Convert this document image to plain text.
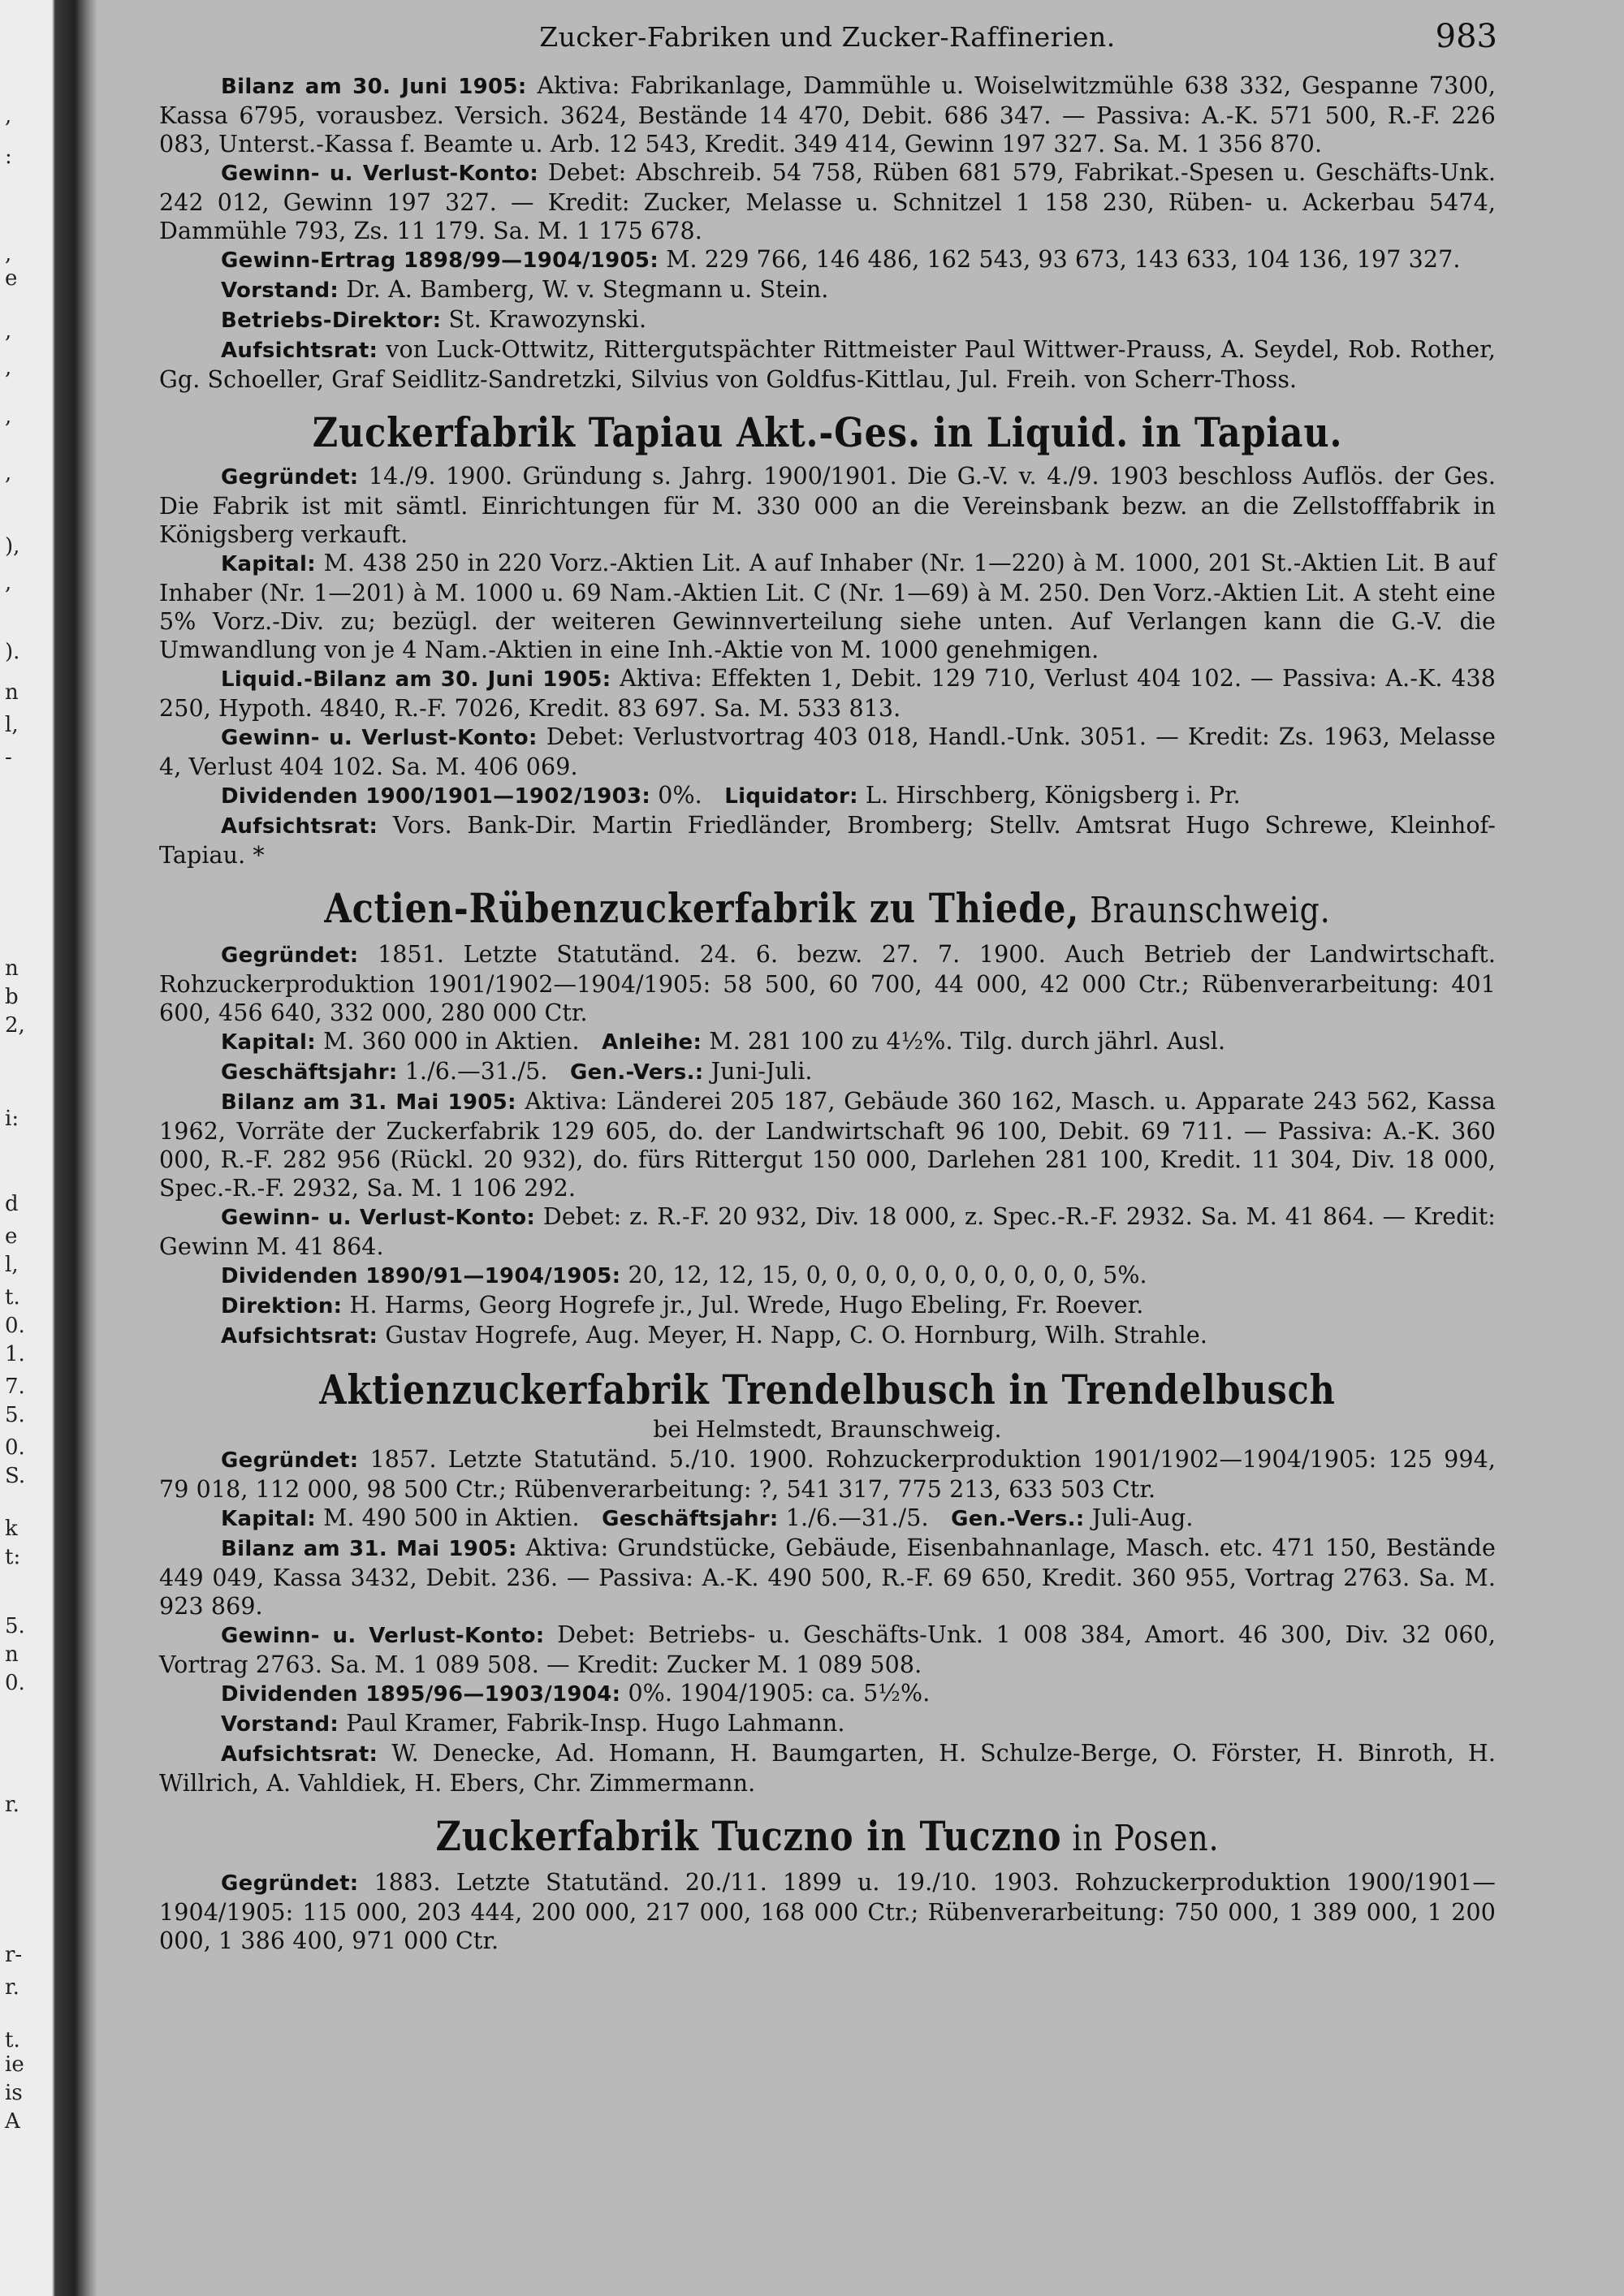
,
:
,
e
,
,
,
,
),
,
).
n
l,
-
n
b
2,
i:
d
e
l,
t.
0.
1.
7.
5.
0.
S.
k
t:
5.
n
0.
r.
r-
r.
t.
ie
is
A
Zucker-Fabriken und Zucker-Raffinerien.	983

Bilanz am 30. Juni 1905: Aktiva: Fabrikanlage, Dammühle u. Woiselwitzmühle 638 332, Gespanne 7300, Kassa 6795, vorausbez. Versich. 3624, Bestände 14 470, Debit. 686 347. — Passiva: A.-K. 571 500, R.-F. 226 083, Unterst.-Kassa f. Beamte u. Arb. 12 543, Kredit. 349 414, Gewinn 197 327. Sa. M. 1 356 870.

Gewinn- u. Verlust-Konto: Debet: Abschreib. 54 758, Rüben 681 579, Fabrikat.-Spesen u. Geschäfts-Unk. 242 012, Gewinn 197 327. — Kredit: Zucker, Melasse u. Schnitzel 1 158 230, Rüben- u. Ackerbau 5474, Dammühle 793, Zs. 11 179. Sa. M. 1 175 678.

Gewinn-Ertrag 1898/99—1904/1905: M. 229 766, 146 486, 162 543, 93 673, 143 633, 104 136, 197 327.

Vorstand: Dr. A. Bamberg, W. v. Stegmann u. Stein.

Betriebs-Direktor: St. Krawozynski.

Aufsichtsrat: von Luck-Ottwitz, Rittergutspächter Rittmeister Paul Wittwer-Prauss, A. Seydel, Rob. Rother, Gg. Schoeller, Graf Seidlitz-Sandretzki, Silvius von Goldfus-Kittlau, Jul. Freih. von Scherr-Thoss.

Zuckerfabrik Tapiau Akt.-Ges. in Liquid. in Tapiau.

Gegründet: 14./9. 1900. Gründung s. Jahrg. 1900/1901. Die G.-V. v. 4./9. 1903 beschloss Auflös. der Ges. Die Fabrik ist mit sämtl. Einrichtungen für M. 330 000 an die Vereinsbank bezw. an die Zellstofffabrik in Königsberg verkauft.

Kapital: M. 438 250 in 220 Vorz.-Aktien Lit. A auf Inhaber (Nr. 1—220) à M. 1000, 201 St.-Aktien Lit. B auf Inhaber (Nr. 1—201) à M. 1000 u. 69 Nam.-Aktien Lit. C (Nr. 1—69) à M. 250. Den Vorz.-Aktien Lit. A steht eine 5% Vorz.-Div. zu; bezügl. der weiteren Gewinnverteilung siehe unten. Auf Verlangen kann die G.-V. die Umwandlung von je 4 Nam.-Aktien in eine Inh.-Aktie von M. 1000 genehmigen.

Liquid.-Bilanz am 30. Juni 1905: Aktiva: Effekten 1, Debit. 129 710, Verlust 404 102. — Passiva: A.-K. 438 250, Hypoth. 4840, R.-F. 7026, Kredit. 83 697. Sa. M. 533 813.

Gewinn- u. Verlust-Konto: Debet: Verlustvortrag 403 018, Handl.-Unk. 3051. — Kredit: Zs. 1963, Melasse 4, Verlust 404 102. Sa. M. 406 069.

Dividenden 1900/1901—1902/1903: 0%. Liquidator: L. Hirschberg, Königsberg i. Pr.

Aufsichtsrat: Vors. Bank-Dir. Martin Friedländer, Bromberg; Stellv. Amtsrat Hugo Schrewe, Kleinhof-Tapiau. *

Actien-Rübenzuckerfabrik zu Thiede, Braunschweig.

Gegründet: 1851. Letzte Statutänd. 24. 6. bezw. 27. 7. 1900. Auch Betrieb der Landwirtschaft. Rohzuckerproduktion 1901/1902—1904/1905: 58 500, 60 700, 44 000, 42 000 Ctr.; Rübenverarbeitung: 401 600, 456 640, 332 000, 280 000 Ctr.

Kapital: M. 360 000 in Aktien. Anleihe: M. 281 100 zu 4½%. Tilg. durch jährl. Ausl.

Geschäftsjahr: 1./6.—31./5. Gen.-Vers.: Juni-Juli.

Bilanz am 31. Mai 1905: Aktiva: Länderei 205 187, Gebäude 360 162, Masch. u. Apparate 243 562, Kassa 1962, Vorräte der Zuckerfabrik 129 605, do. der Landwirtschaft 96 100, Debit. 69 711. — Passiva: A.-K. 360 000, R.-F. 282 956 (Rückl. 20 932), do. fürs Rittergut 150 000, Darlehen 281 100, Kredit. 11 304, Div. 18 000, Spec.-R.-F. 2932, Sa. M. 1 106 292.

Gewinn- u. Verlust-Konto: Debet: z. R.-F. 20 932, Div. 18 000, z. Spec.-R.-F. 2932. Sa. M. 41 864. — Kredit: Gewinn M. 41 864.

Dividenden 1890/91—1904/1905: 20, 12, 12, 15, 0, 0, 0, 0, 0, 0, 0, 0, 0, 0, 5%.

Direktion: H. Harms, Georg Hogrefe jr., Jul. Wrede, Hugo Ebeling, Fr. Roever.

Aufsichtsrat: Gustav Hogrefe, Aug. Meyer, H. Napp, C. O. Hornburg, Wilh. Strahle.

Aktienzuckerfabrik Trendelbusch in Trendelbusch
bei Helmstedt, Braunschweig.

Gegründet: 1857. Letzte Statutänd. 5./10. 1900. Rohzuckerproduktion 1901/1902—1904/1905: 125 994, 79 018, 112 000, 98 500 Ctr.; Rübenverarbeitung: ?, 541 317, 775 213, 633 503 Ctr.

Kapital: M. 490 500 in Aktien. Geschäftsjahr: 1./6.—31./5. Gen.-Vers.: Juli-Aug.

Bilanz am 31. Mai 1905: Aktiva: Grundstücke, Gebäude, Eisenbahnanlage, Masch. etc. 471 150, Bestände 449 049, Kassa 3432, Debit. 236. — Passiva: A.-K. 490 500, R.-F. 69 650, Kredit. 360 955, Vortrag 2763. Sa. M. 923 869.

Gewinn- u. Verlust-Konto: Debet: Betriebs- u. Geschäfts-Unk. 1 008 384, Amort. 46 300, Div. 32 060, Vortrag 2763. Sa. M. 1 089 508. — Kredit: Zucker M. 1 089 508.

Dividenden 1895/96—1903/1904: 0%. 1904/1905: ca. 5½%.

Vorstand: Paul Kramer, Fabrik-Insp. Hugo Lahmann.

Aufsichtsrat: W. Denecke, Ad. Homann, H. Baumgarten, H. Schulze-Berge, O. Förster, H. Binroth, H. Willrich, A. Vahldiek, H. Ebers, Chr. Zimmermann.

Zuckerfabrik Tuczno in Tuczno in Posen.

Gegründet: 1883. Letzte Statutänd. 20./11. 1899 u. 19./10. 1903. Rohzuckerproduktion 1900/1901—1904/1905: 115 000, 203 444, 200 000, 217 000, 168 000 Ctr.; Rübenverarbeitung: 750 000, 1 389 000, 1 200 000, 1 386 400, 971 000 Ctr.
